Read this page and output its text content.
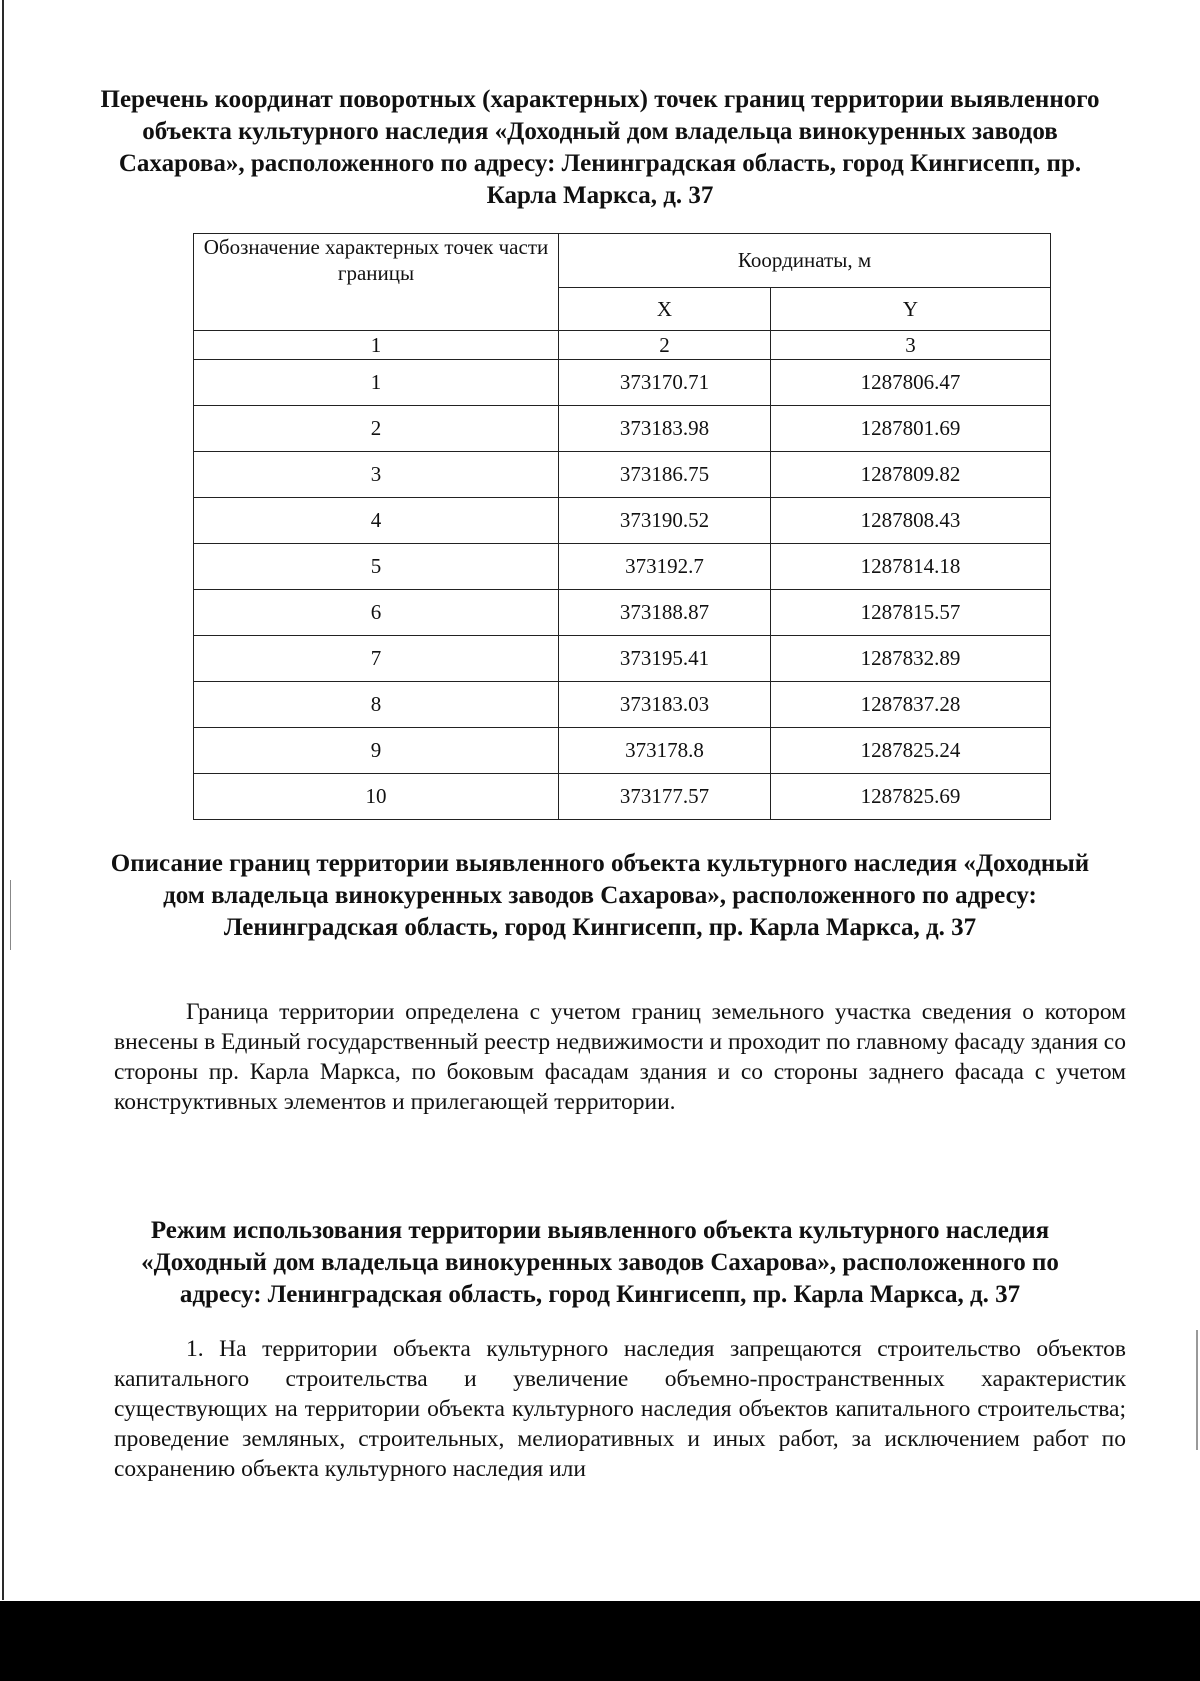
Перечень координат поворотных (характерных) точек границ территории выявленного объекта культурного наследия «Доходный дом владельца винокуренных заводов Сахарова», расположенного по адресу: Ленинградская область, город Кингисепп, пр. Карла Маркса, д. 37
Обозначение характерных точек части границы	Координаты, м	
	X	Y
1	2	3
1	373170.71	1287806.47
2	373183.98	1287801.69
3	373186.75	1287809.82
4	373190.52	1287808.43
5	373192.7	1287814.18
6	373188.87	1287815.57
7	373195.41	1287832.89
8	373183.03	1287837.28
9	373178.8	1287825.24
10	373177.57	1287825.69
Описание границ территории выявленного объекта культурного наследия «Доходный дом владельца винокуренных заводов Сахарова», расположенного по адресу: Ленинградская область, город Кингисепп, пр. Карла Маркса, д. 37
Граница территории определена с учетом границ земельного участка сведения о котором внесены в Единый государственный реестр недвижимости и проходит по главному фасаду здания со стороны пр. Карла Маркса, по боковым фасадам здания и со стороны заднего фасада с учетом конструктивных элементов и прилегающей территории.
Режим использования территории выявленного объекта культурного наследия «Доходный дом владельца винокуренных заводов Сахарова», расположенного по адресу: Ленинградская область, город Кингисепп, пр. Карла Маркса, д. 37
1. На территории объекта культурного наследия запрещаются строительство объектов капитального строительства и увеличение объемно-пространственных характеристик существующих на территории объекта культурного наследия объектов капитального строительства; проведение земляных, строительных, мелиоративных и иных работ, за исключением работ по сохранению объекта культурного наследия или
